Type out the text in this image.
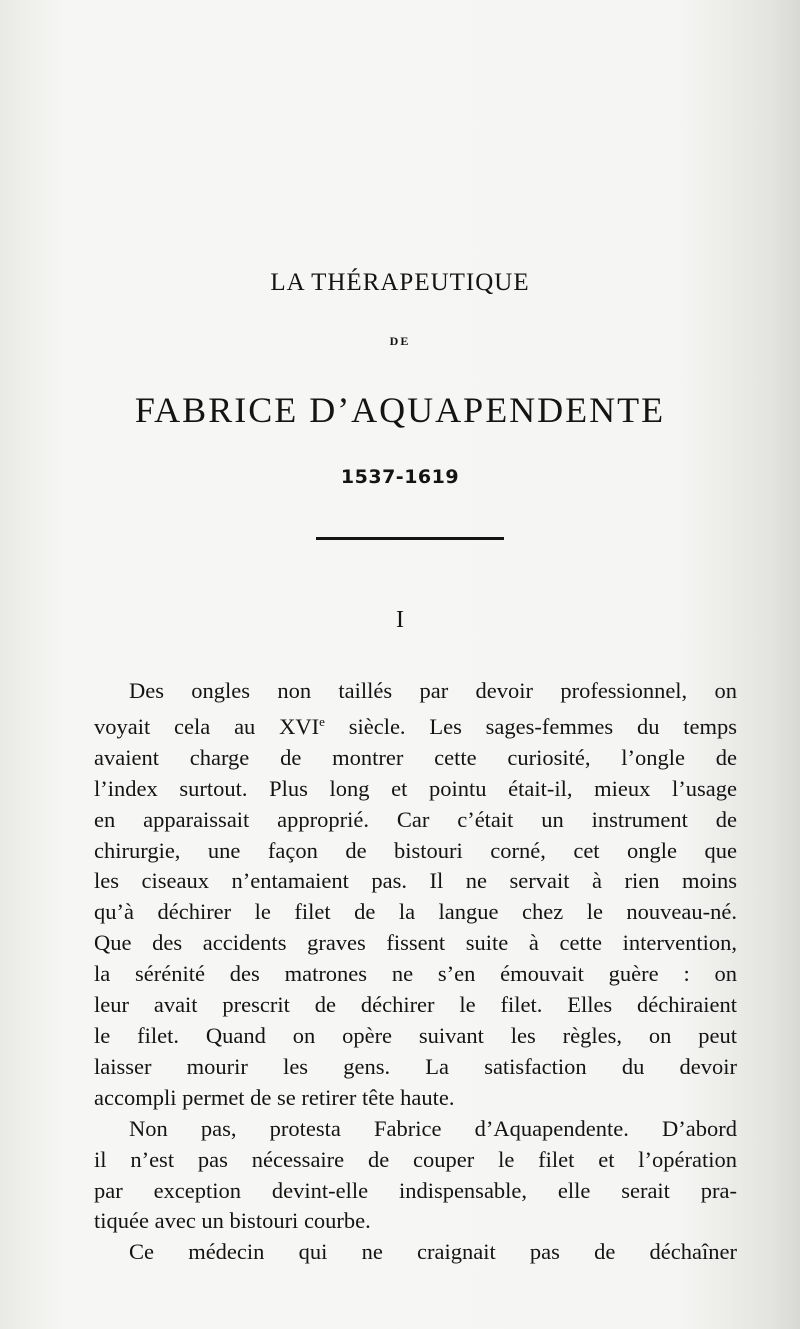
LA THÉRAPEUTIQUE
DE
FABRICE D’AQUAPENDENTE
1537-1619
I

Des ongles non taillés par devoir professionnel, on
voyait cela au XVIe siècle. Les sages-femmes du temps
avaient charge de montrer cette curiosité, l’ongle de
l’index surtout. Plus long et pointu était-il, mieux l’usage
en apparaissait approprié. Car c’était un instrument de
chirurgie, une façon de bistouri corné, cet ongle que
les ciseaux n’entamaient pas. Il ne servait à rien moins
qu’à déchirer le filet de la langue chez le nouveau-né.
Que des accidents graves fissent suite à cette intervention,
la sérénité des matrones ne s’en émouvait guère : on
leur avait prescrit de déchirer le filet. Elles déchiraient
le filet. Quand on opère suivant les règles, on peut
laisser mourir les gens. La satisfaction du devoir
accompli permet de se retirer tête haute.

Non pas, protesta Fabrice d’Aquapendente. D’abord
il n’est pas nécessaire de couper le filet et l’opération
par exception devint-elle indispensable, elle serait pra-
tiquée avec un bistouri courbe.

Ce médecin qui ne craignait pas de déchaîner
